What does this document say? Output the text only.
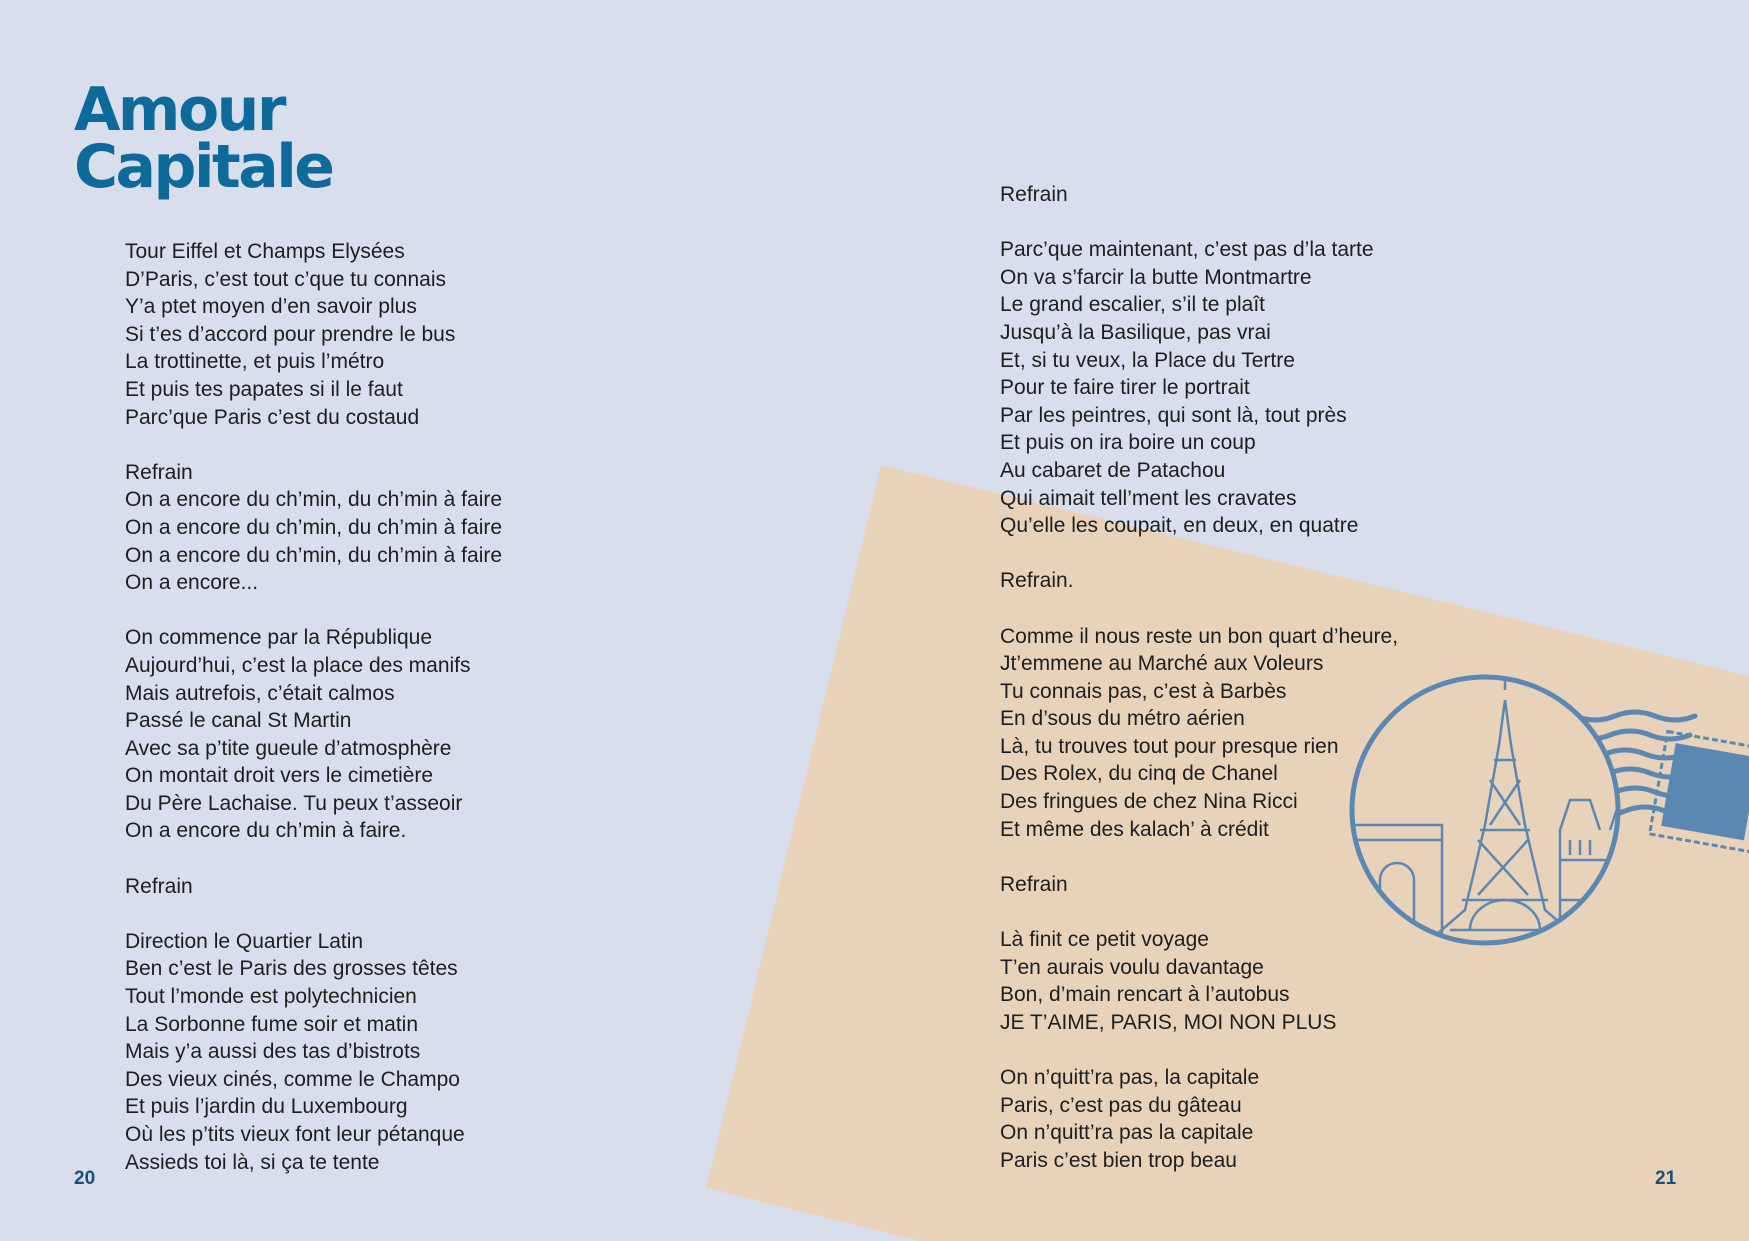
Amour
Capitale
Tour Eiffel et Champs Elysées
D’Paris, c’est tout c’que tu connais
Y’a ptet moyen d’en savoir plus
Si t’es d’accord pour prendre le bus
La trottinette, et puis l’métro
Et puis tes papates si il le faut
Parc’que Paris c’est du costaud
Refrain
On a encore du ch’min, du ch’min à faire
On a encore du ch’min, du ch’min à faire
On a encore du ch’min, du ch’min à faire
On a encore...
On commence par la République
Aujourd’hui, c’est la place des manifs
Mais autrefois, c’était calmos
Passé le canal St Martin
Avec sa p’tite gueule d’atmosphère
On montait droit vers le cimetière
Du Père Lachaise. Tu peux t’asseoir
On a encore du ch’min à faire.
Refrain
Direction le Quartier Latin
Ben c’est le Paris des grosses têtes
Tout l’monde est polytechnicien
La Sorbonne fume soir et matin
Mais y’a aussi des tas d’bistrots
Des vieux cinés, comme le Champo
Et puis l’jardin du Luxembourg
Où les p’tits vieux font leur pétanque
Assieds toi là, si ça te tente
Refrain
Parc’que maintenant, c’est pas d’la tarte
On va s’farcir la butte Montmartre
Le grand escalier, s’il te plaît
Jusqu’à la Basilique, pas vrai
Et, si tu veux, la Place du Tertre
Pour te faire tirer le portrait
Par les peintres, qui sont là, tout près
Et puis on ira boire un coup
Au cabaret de Patachou
Qui aimait tell’ment les cravates
Qu’elle les coupait, en deux, en quatre
Refrain.
Comme il nous reste un bon quart d’heure,
Jt’emmene au Marché aux Voleurs
Tu connais pas, c’est à Barbès
En d’sous du métro aérien
Là, tu trouves tout pour presque rien
Des Rolex, du cinq de Chanel
Des fringues de chez Nina Ricci
Et même des kalach’ à crédit
Refrain
Là finit ce petit voyage
T’en aurais voulu davantage
Bon, d’main rencart à l’autobus
JE T’AIME, PARIS, MOI NON PLUS
On n’quitt’ra pas, la capitale
Paris, c’est pas du gâteau
On n’quitt’ra pas la capitale
Paris c’est bien trop beau
20	21
